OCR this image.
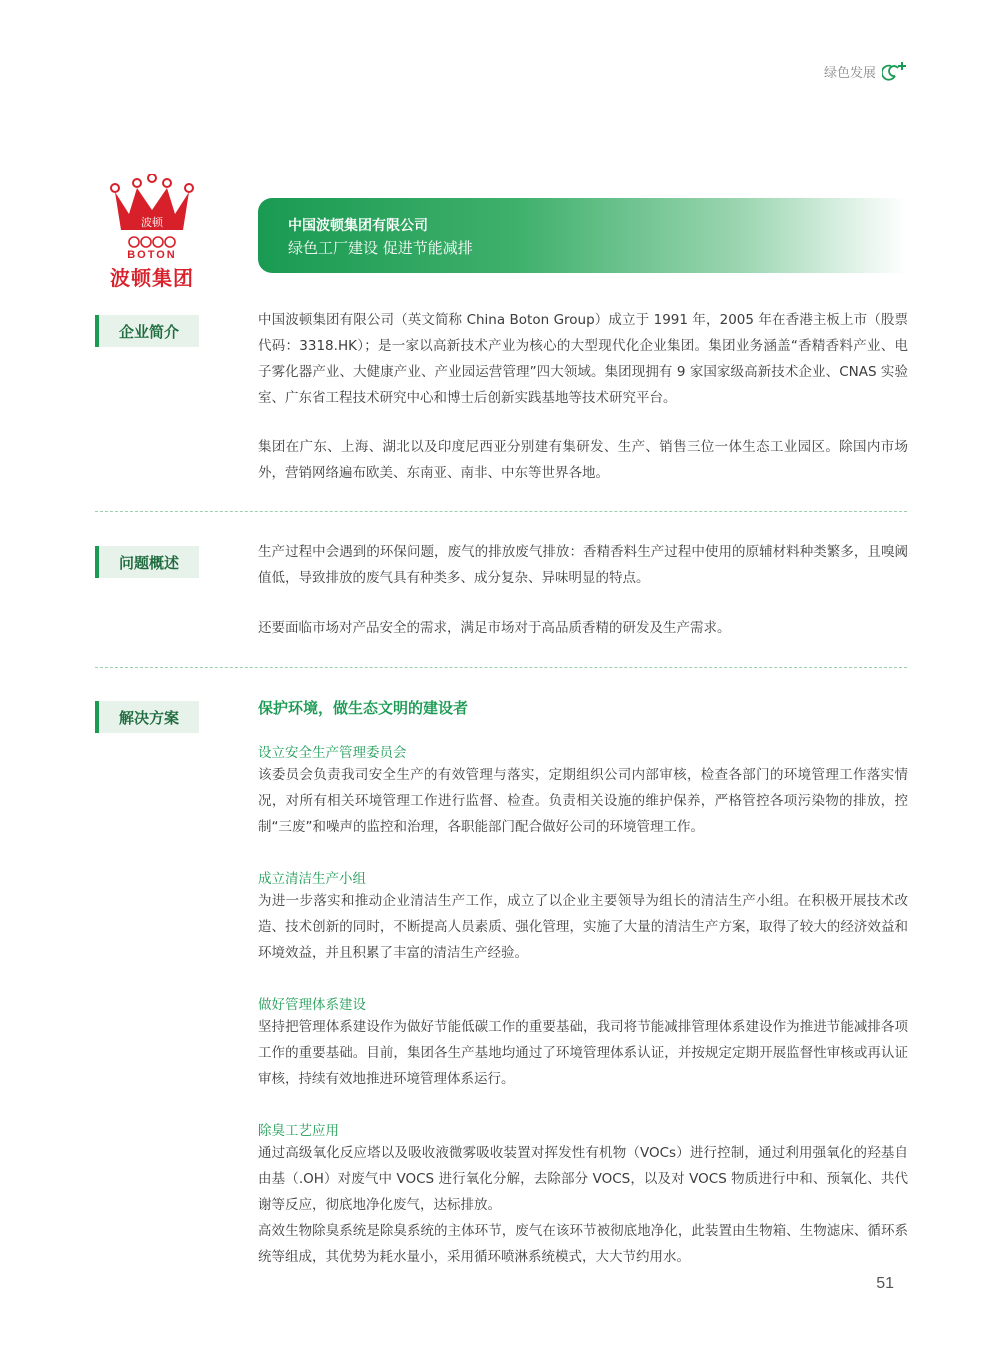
绿色发展
波顿
BOTON
波顿集团
中国波顿集团有限公司
绿色工厂建设 促进节能减排
企业简介

中国波顿集团有限公司（英文简称 China Boton Group）成立于 1991 年，2005 年在香港主板上市（股票代码：3318.HK）；是一家以高新技术产业为核心的大型现代化企业集团。集团业务涵盖“香精香料产业、电子雾化器产业、大健康产业、产业园运营管理”四大领域。集团现拥有 9 家国家级高新技术企业、CNAS 实验室、广东省工程技术研究中心和博士后创新实践基地等技术研究平台。

集团在广东、上海、湖北以及印度尼西亚分别建有集研发、生产、销售三位一体生态工业园区。除国内市场外，营销网络遍布欧美、东南亚、南非、中东等世界各地。

问题概述

生产过程中会遇到的环保问题，废气的排放废气排放：香精香料生产过程中使用的原辅材料种类繁多，且嗅阈值低，导致排放的废气具有种类多、成分复杂、异味明显的特点。

还要面临市场对产品安全的需求，满足市场对于高品质香精的研发及生产需求。

解决方案
保护环境，做生态文明的建设者
设立安全生产管理委员会

该委员会负责我司安全生产的有效管理与落实，定期组织公司内部审核，检查各部门的环境管理工作落实情况，对所有相关环境管理工作进行监督、检查。负责相关设施的维护保养，严格管控各项污染物的排放，控制“三废”和噪声的监控和治理，各职能部门配合做好公司的环境管理工作。

成立清洁生产小组

为进一步落实和推动企业清洁生产工作，成立了以企业主要领导为组长的清洁生产小组。在积极开展技术改造、技术创新的同时，不断提高人员素质、强化管理，实施了大量的清洁生产方案，取得了较大的经济效益和环境效益，并且积累了丰富的清洁生产经验。

做好管理体系建设

坚持把管理体系建设作为做好节能低碳工作的重要基础，我司将节能减排管理体系建设作为推进节能减排各项工作的重要基础。目前，集团各生产基地均通过了环境管理体系认证，并按规定定期开展监督性审核或再认证审核，持续有效地推进环境管理体系运行。

除臭工艺应用

通过高级氧化反应塔以及吸收液微雾吸收装置对挥发性有机物（VOCs）进行控制，通过利用强氧化的羟基自由基（.OH）对废气中 VOCS 进行氧化分解，去除部分 VOCS，以及对 VOCS 物质进行中和、预氧化、共代谢等反应，彻底地净化废气，达标排放。

高效生物除臭系统是除臭系统的主体环节，废气在该环节被彻底地净化，此装置由生物箱、生物滤床、循环系统等组成，其优势为耗水量小，采用循环喷淋系统模式，大大节约用水。

51
